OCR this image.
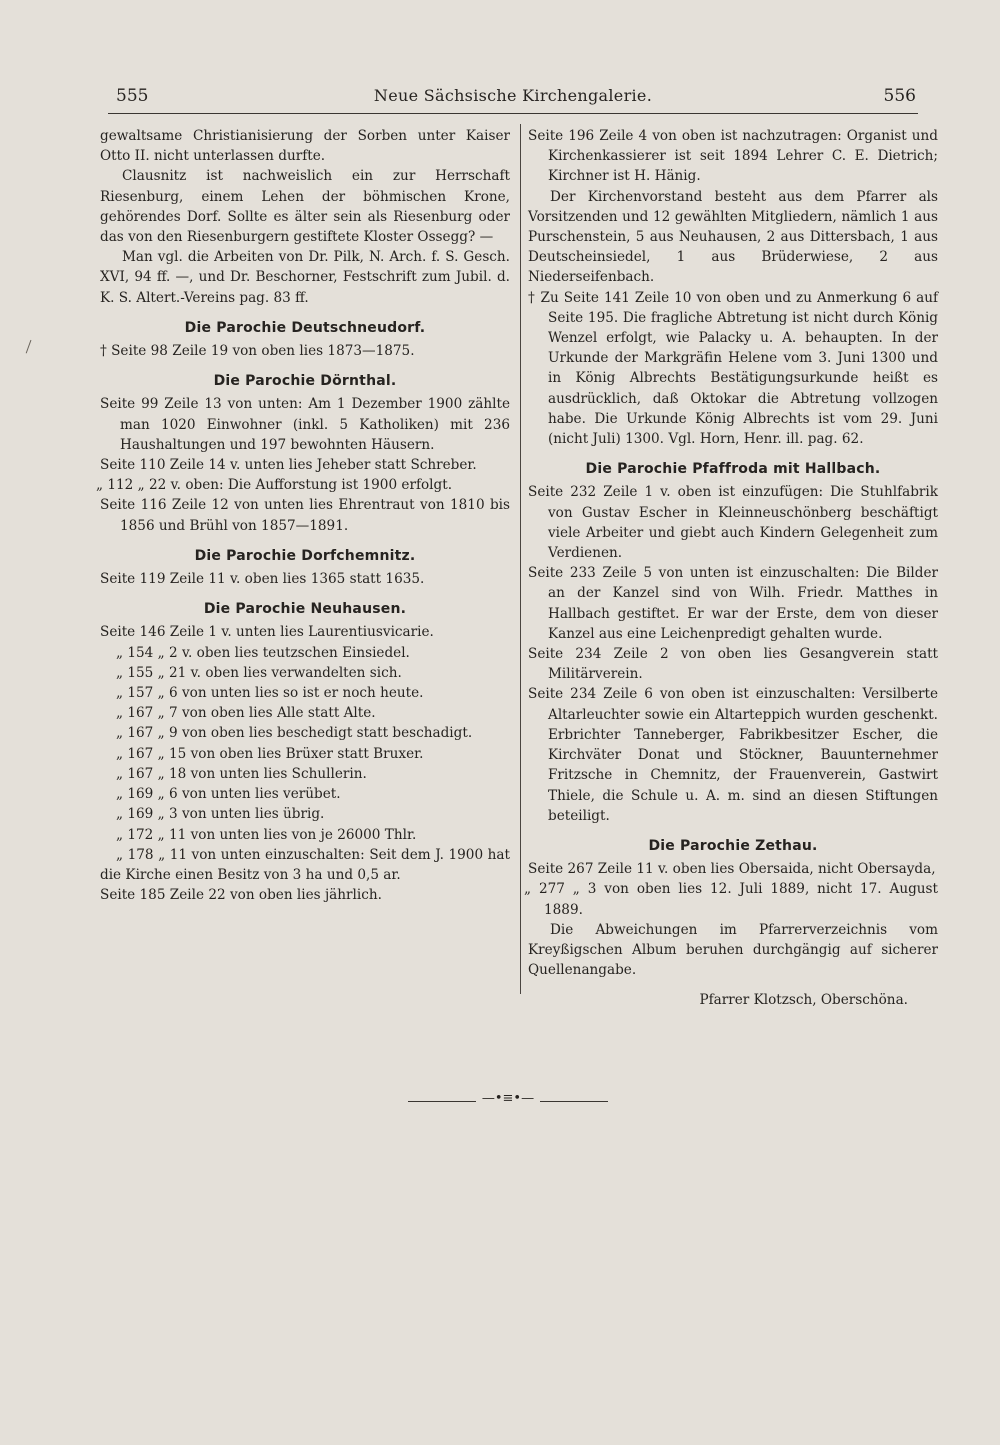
555	Neue Sächsische Kirchengalerie.	556

gewaltsame Christianisierung der Sorben unter Kaiser Otto II. nicht unterlassen durfte.

Clausnitz ist nachweislich ein zur Herrschaft Riesenburg, einem Lehen der böhmischen Krone, gehörendes Dorf. Sollte es älter sein als Riesenburg oder das von den Riesenburgern gestiftete Kloster Ossegg? —

Man vgl. die Arbeiten von Dr. Pilk, N. Arch. f. S. Gesch. XVI, 94 ff. —, und Dr. Beschorner, Festschrift zum Jubil. d. K. S. Altert.-Vereins pag. 83 ff.

Die Parochie Deutschneudorf.

† Seite 98 Zeile 19 von oben lies 1873—1875.

Die Parochie Dörnthal.

Seite 99 Zeile 13 von unten: Am 1 Dezember 1900 zählte man 1020 Einwohner (inkl. 5 Katholiken) mit 236 Haushaltungen und 197 bewohnten Häusern.

Seite 110 Zeile 14 v. unten lies Jeheber statt Schreber.

„ 112 „ 22 v. oben: Die Aufforstung ist 1900 erfolgt.

Seite 116 Zeile 12 von unten lies Ehrentraut von 1810 bis 1856 und Brühl von 1857—1891.

Die Parochie Dorfchemnitz.

Seite 119 Zeile 11 v. oben lies 1365 statt 1635.

Die Parochie Neuhausen.

Seite 146 Zeile 1 v. unten lies Laurentiusvicarie.

„ 154 „ 2 v. oben lies teutzschen Einsiedel.

„ 155 „ 21 v. oben lies verwandelten sich.

„ 157 „ 6 von unten lies so ist er noch heute.

„ 167 „ 7 von oben lies Alle statt Alte.

„ 167 „ 9 von oben lies beschedigt statt beschadigt.

„ 167 „ 15 von oben lies Brüxer statt Bruxer.

„ 167 „ 18 von unten lies Schullerin.

„ 169 „ 6 von unten lies verübet.

„ 169 „ 3 von unten lies übrig.

„ 172 „ 11 von unten lies von je 26000 Thlr.

„ 178 „ 11 von unten einzuschalten: Seit dem J. 1900 hat die Kirche einen Besitz von 3 ha und 0,5 ar.

Seite 185 Zeile 22 von oben lies jährlich.

Seite 196 Zeile 4 von oben ist nachzutragen: Organist und Kirchenkassierer ist seit 1894 Lehrer C. E. Dietrich; Kirchner ist H. Hänig.

Der Kirchenvorstand besteht aus dem Pfarrer als Vorsitzenden und 12 gewählten Mitgliedern, nämlich 1 aus Purschenstein, 5 aus Neuhausen, 2 aus Dittersbach, 1 aus Deutscheinsiedel, 1 aus Brüderwiese, 2 aus Niederseifenbach.

† Zu Seite 141 Zeile 10 von oben und zu Anmerkung 6 auf Seite 195. Die fragliche Abtretung ist nicht durch König Wenzel erfolgt, wie Palacky u. A. behaupten. In der Urkunde der Markgräfin Helene vom 3. Juni 1300 und in König Albrechts Bestätigungsurkunde heißt es ausdrücklich, daß Oktokar die Abtretung vollzogen habe. Die Urkunde König Albrechts ist vom 29. Juni (nicht Juli) 1300. Vgl. Horn, Henr. ill. pag. 62.

Die Parochie Pfaffroda mit Hallbach.

Seite 232 Zeile 1 v. oben ist einzufügen: Die Stuhlfabrik von Gustav Escher in Kleinneuschönberg beschäftigt viele Arbeiter und giebt auch Kindern Gelegenheit zum Verdienen.

Seite 233 Zeile 5 von unten ist einzuschalten: Die Bilder an der Kanzel sind von Wilh. Friedr. Matthes in Hallbach gestiftet. Er war der Erste, dem von dieser Kanzel aus eine Leichenpredigt gehalten wurde.

Seite 234 Zeile 2 von oben lies Gesangverein statt Militärverein.

Seite 234 Zeile 6 von oben ist einzuschalten: Versilberte Altarleuchter sowie ein Altarteppich wurden geschenkt. Erbrichter Tanneberger, Fabrikbesitzer Escher, die Kirchväter Donat und Stöckner, Bauunternehmer Fritzsche in Chemnitz, der Frauenverein, Gastwirt Thiele, die Schule u. A. m. sind an diesen Stiftungen beteiligt.

Die Parochie Zethau.

Seite 267 Zeile 11 v. oben lies Obersaida, nicht Obersayda,

„ 277 „ 3 von oben lies 12. Juli 1889, nicht 17. August 1889.

Die Abweichungen im Pfarrerverzeichnis vom Kreyßigschen Album beruhen durchgängig auf sicherer Quellenangabe.

Pfarrer Klotzsch, Oberschöna.

—•≡•—
